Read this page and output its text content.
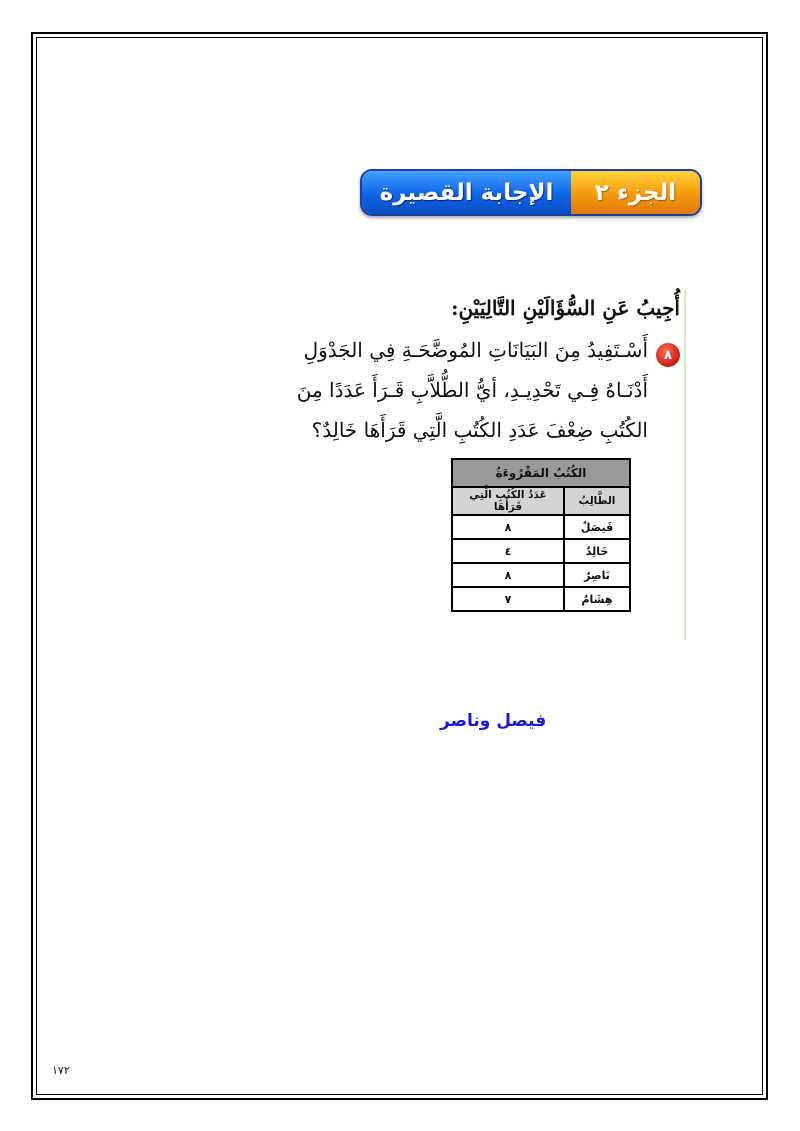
الجزء ٢
الإجابة القصيرة
أُجِيبُ عَنِ السُّؤَالَيْنِ التَّالِيَيْنِ:
٨
أَسْـتَفِيدُ مِنَ البَيَانَاتِ المُوضَّحَـةِ فِي الجَدْوَلِ
أَدْنَـاهُ فِـي تَحْدِيـدِ، أيُّ الطُّلاَّبِ قَـرَأَ عَدَدًا مِنَ
الكُتُبِ ضِعْفَ عَدَدِ الكُتُبِ الَّتِي قَرَأَهَا خَالِدٌ؟
الكُتُبُ المَقْرُوءَةُ
الطَّالِبُ	عَدَدُ الكُتُبِ الَّتِي قَرَأَهَا
فَيصَلٌ	٨
خَالِدٌ	٤
نَاصِرٌ	٨
هِشَامٌ	٧
فيصل وناصر
١٧٢
